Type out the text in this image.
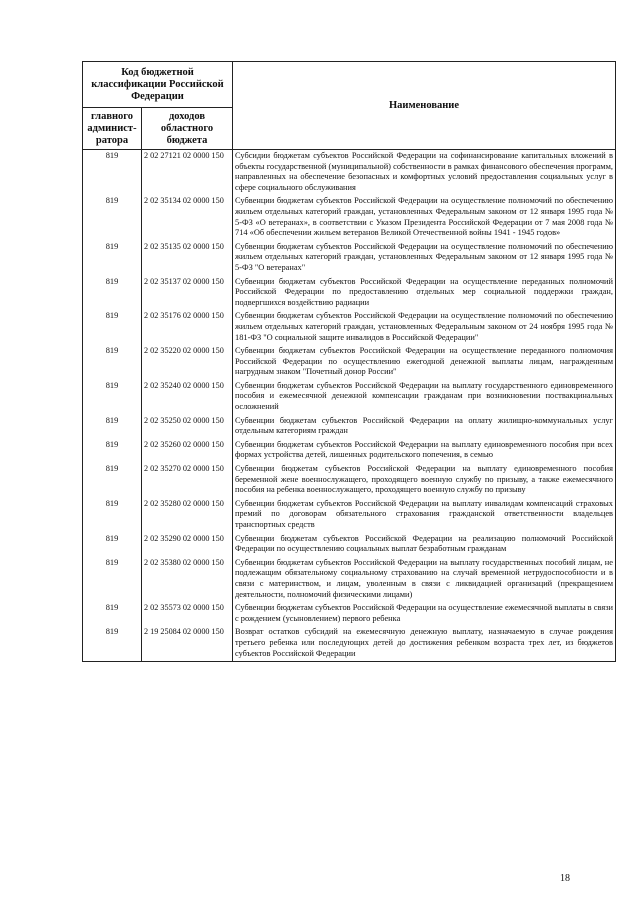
Код бюджетной классификации Российской Федерации		Наименование
главного админист-ратора	доходов областного бюджета	
819	2 02 27121 02 0000 150	Субсидии бюджетам субъектов Российской Федерации на софинансирование капитальных вложений в объекты государственной (муниципальной) собственности в рамках финансового обеспечения программ, направленных на обеспечение безопасных и комфортных условий предоставления социальных услуг в сфере социального обслуживания
819	2 02 35134 02 0000 150	Субвенции бюджетам субъектов Российской Федерации на осуществление полномочий по обеспечению жильем отдельных категорий граждан, установленных Федеральным законом от 12 января 1995 года № 5-ФЗ «О ветеранах», в соответствии с Указом Президента Российской Федерации от 7 мая 2008 года № 714 «Об обеспечении жильем ветеранов Великой Отечественной войны 1941 - 1945 годов»
819	2 02 35135 02 0000 150	Субвенции бюджетам субъектов Российской Федерации на осуществление полномочий по обеспечению жильем отдельных категорий граждан, установленных Федеральным законом от 12 января 1995 года № 5-ФЗ "О ветеранах"
819	2 02 35137 02 0000 150	Субвенции бюджетам субъектов Российской Федерации на осуществление переданных полномочий Российской Федерации по предоставлению отдельных мер социальной поддержки граждан, подвергшихся воздействию радиации
819	2 02 35176 02 0000 150	Субвенции бюджетам субъектов Российской Федерации на осуществление полномочий по обеспечению жильем отдельных категорий граждан, установленных Федеральным законом от 24 ноября 1995 года № 181-ФЗ "О социальной защите инвалидов в Российской Федерации"
819	2 02 35220 02 0000 150	Субвенции бюджетам субъектов Российской Федерации на осуществление переданного полномочия Российской Федерации по осуществлению ежегодной денежной выплаты лицам, награжденным нагрудным знаком "Почетный донор России"
819	2 02 35240 02 0000 150	Субвенции бюджетам субъектов Российской Федерации на выплату государственного единовременного пособия и ежемесячной денежной компенсации гражданам при возникновении поствакцинальных осложнений
819	2 02 35250 02 0000 150	Субвенции бюджетам субъектов Российской Федерации на оплату жилищно-коммунальных услуг отдельным категориям граждан
819	2 02 35260 02 0000 150	Субвенции бюджетам субъектов Российской Федерации на выплату единовременного пособия при всех формах устройства детей, лишенных родительского попечения, в семью
819	2 02 35270 02 0000 150	Субвенции бюджетам субъектов Российской Федерации на выплату единовременного пособия беременной жене военнослужащего, проходящего военную службу по призыву, а также ежемесячного пособия на ребенка военнослужащего, проходящего военную службу по призыву
819	2 02 35280 02 0000 150	Субвенции бюджетам субъектов Российской Федерации на выплату инвалидам компенсаций страховых премий по договорам обязательного страхования гражданской ответственности владельцев транспортных средств
819	2 02 35290 02 0000 150	Субвенции бюджетам субъектов Российской Федерации на реализацию полномочий Российской Федерации по осуществлению социальных выплат безработным гражданам
819	2 02 35380 02 0000 150	Субвенции бюджетам субъектов Российской Федерации на выплату государственных пособий лицам, не подлежащим обязательному социальному страхованию на случай временной нетрудоспособности и в связи с материнством, и лицам, уволенным в связи с ликвидацией организаций (прекращением деятельности, полномочий физическими лицами)
819	2 02 35573 02 0000 150	Субвенции бюджетам субъектов Российской Федерации на осуществление ежемесячной выплаты в связи с рождением (усыновлением) первого ребенка
819	2 19 25084 02 0000 150	Возврат остатков субсидий на ежемесячную денежную выплату, назначаемую в случае рождения третьего ребенка или последующих детей до достижения ребенком возраста трех лет, из бюджетов субъектов Российской Федерации
18
